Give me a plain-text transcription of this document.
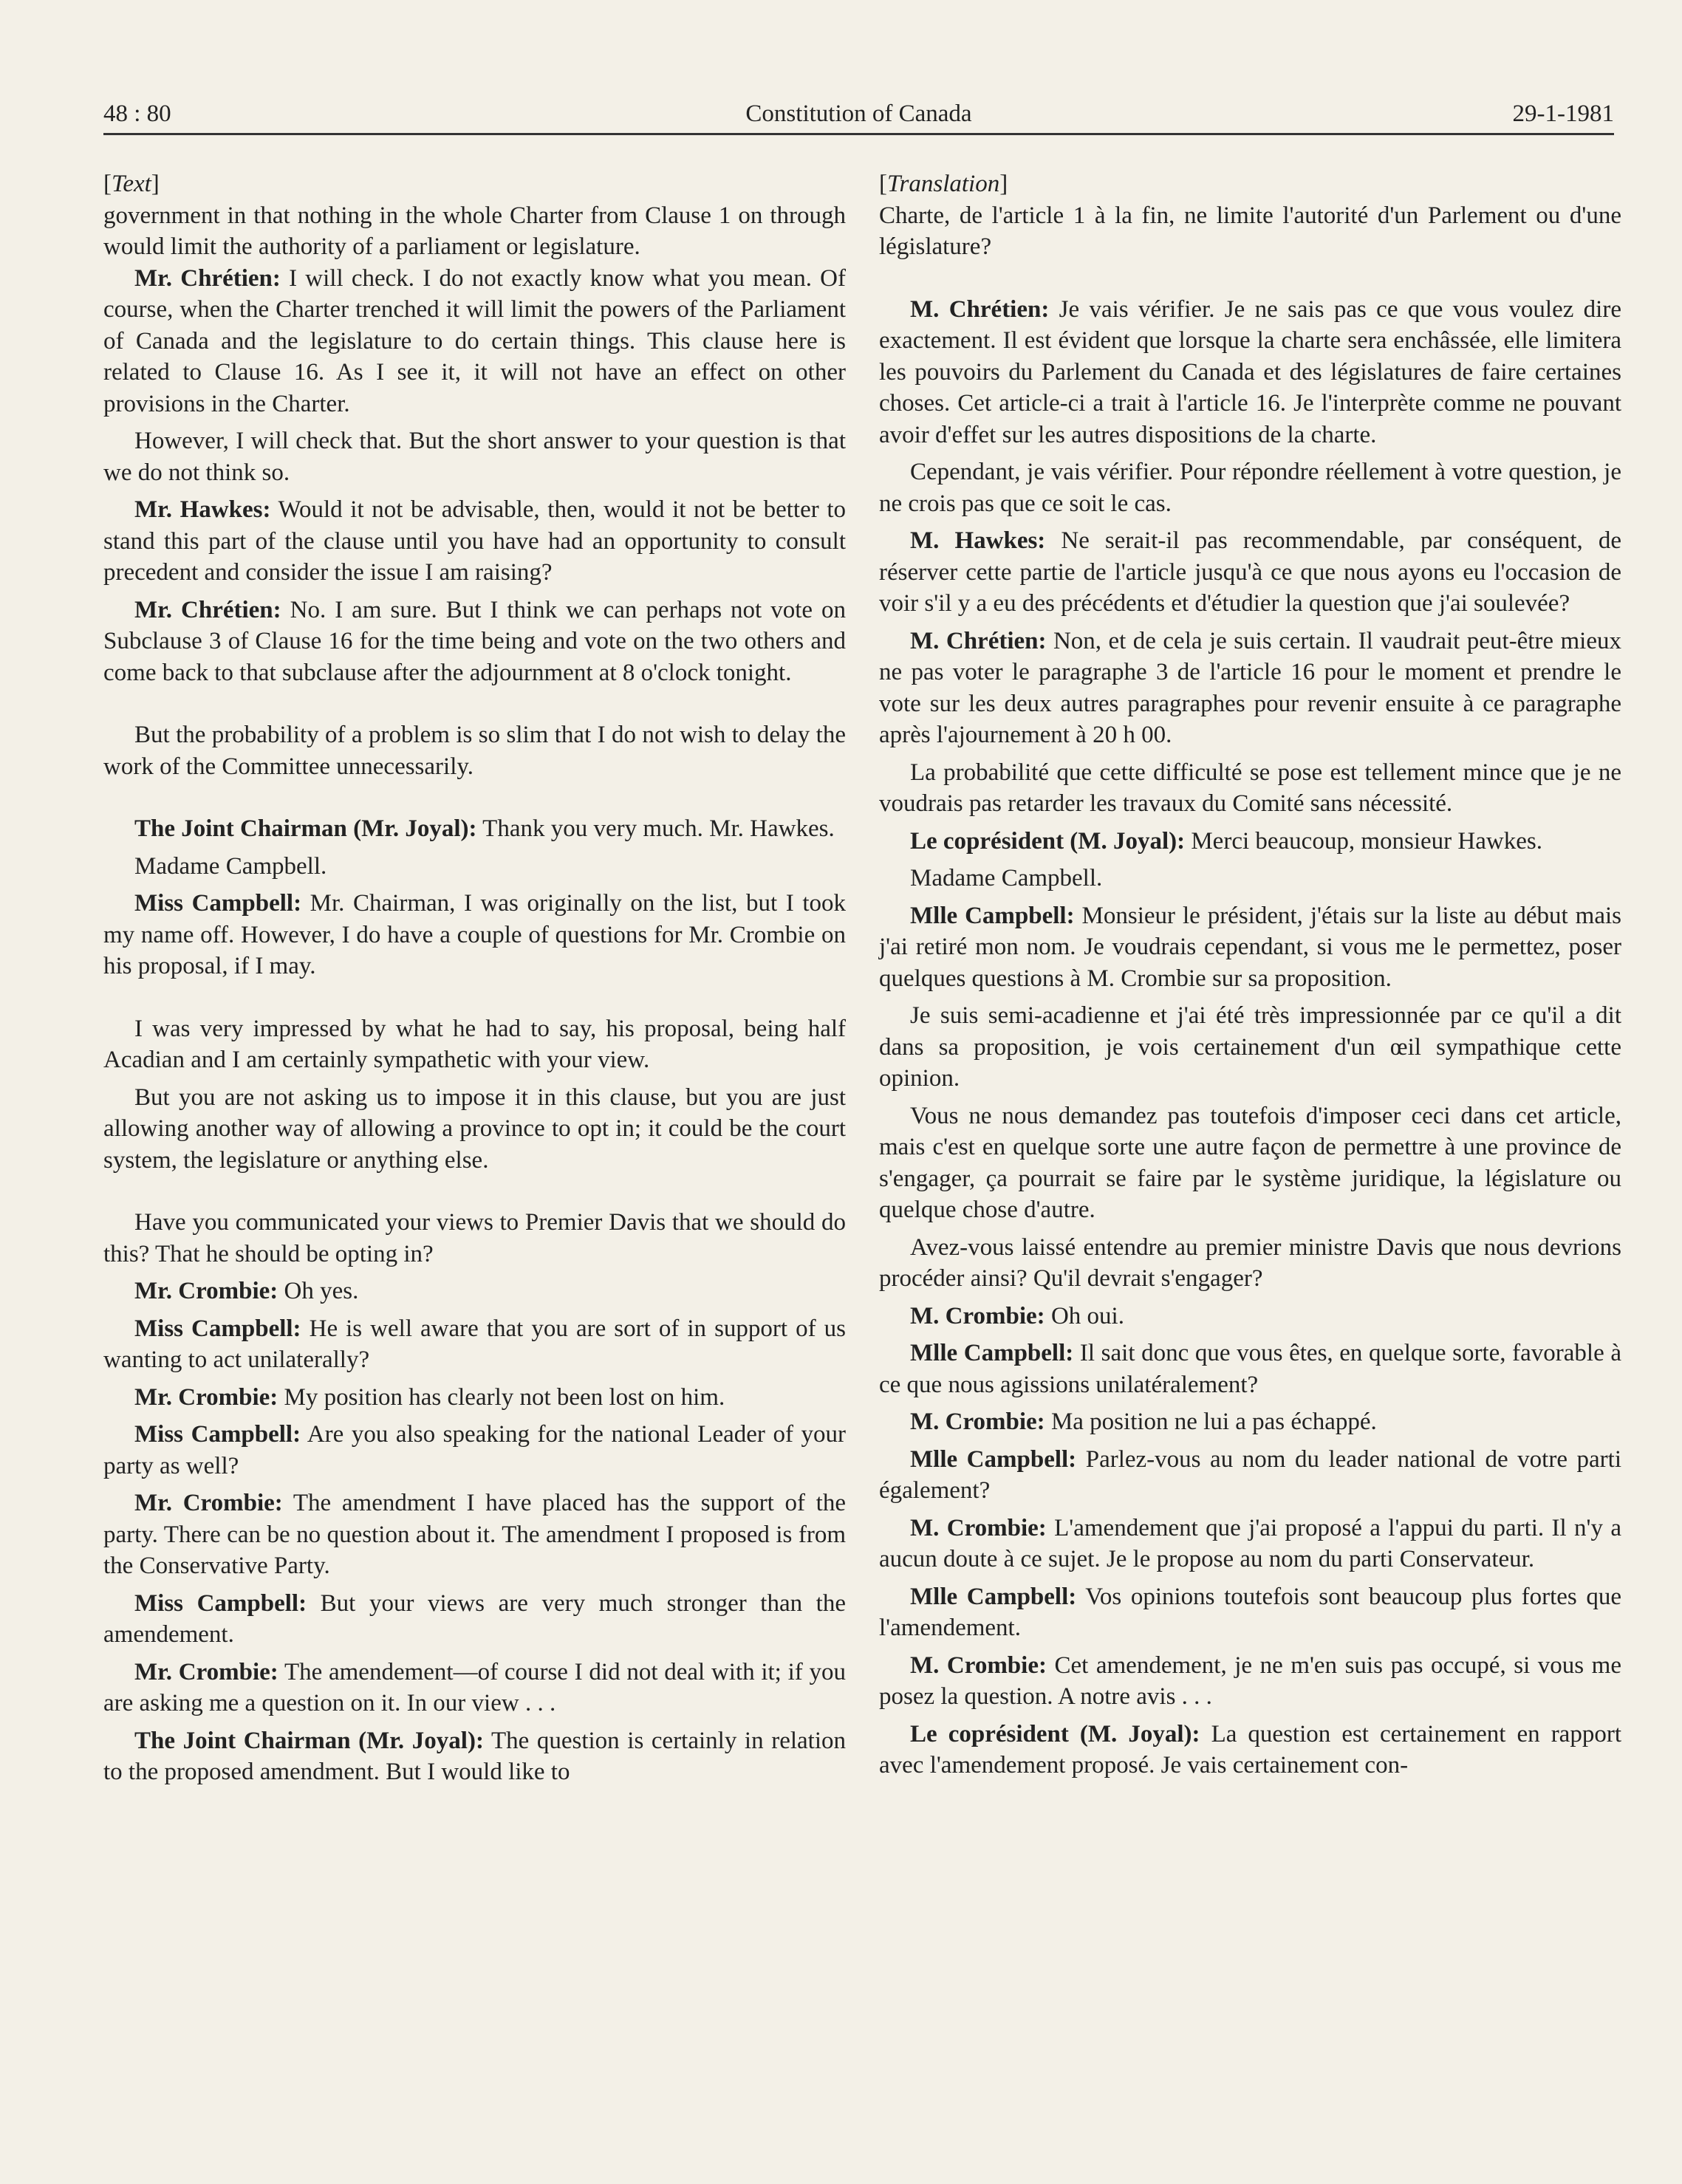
48 : 80	Constitution of Canada	29-1-1981

[Text]

government in that nothing in the whole Charter from Clause 1 on through would limit the authority of a parliament or legislature.

Mr. Chrétien: I will check. I do not exactly know what you mean. Of course, when the Charter trenched it will limit the powers of the Parliament of Canada and the legislature to do certain things. This clause here is related to Clause 16. As I see it, it will not have an effect on other provisions in the Charter.

However, I will check that. But the short answer to your question is that we do not think so.

Mr. Hawkes: Would it not be advisable, then, would it not be better to stand this part of the clause until you have had an opportunity to consult precedent and consider the issue I am raising?

Mr. Chrétien: No. I am sure. But I think we can perhaps not vote on Subclause 3 of Clause 16 for the time being and vote on the two others and come back to that subclause after the adjournment at 8 o'clock tonight.

But the probability of a problem is so slim that I do not wish to delay the work of the Committee unnecessarily.

The Joint Chairman (Mr. Joyal): Thank you very much. Mr. Hawkes.

Madame Campbell.

Miss Campbell: Mr. Chairman, I was originally on the list, but I took my name off. However, I do have a couple of questions for Mr. Crombie on his proposal, if I may.

I was very impressed by what he had to say, his proposal, being half Acadian and I am certainly sympathetic with your view.

But you are not asking us to impose it in this clause, but you are just allowing another way of allowing a province to opt in; it could be the court system, the legislature or anything else.

Have you communicated your views to Premier Davis that we should do this? That he should be opting in?

Mr. Crombie: Oh yes.

Miss Campbell: He is well aware that you are sort of in support of us wanting to act unilaterally?

Mr. Crombie: My position has clearly not been lost on him.

Miss Campbell: Are you also speaking for the national Leader of your party as well?

Mr. Crombie: The amendment I have placed has the support of the party. There can be no question about it. The amendment I proposed is from the Conservative Party.

Miss Campbell: But your views are very much stronger than the amendement.

Mr. Crombie: The amendement—of course I did not deal with it; if you are asking me a question on it. In our view . . .

The Joint Chairman (Mr. Joyal): The question is certainly in relation to the proposed amendment. But I would like to

[Translation]

Charte, de l'article 1 à la fin, ne limite l'autorité d'un Parlement ou d'une législature?

M. Chrétien: Je vais vérifier. Je ne sais pas ce que vous voulez dire exactement. Il est évident que lorsque la charte sera enchâssée, elle limitera les pouvoirs du Parlement du Canada et des législatures de faire certaines choses. Cet article-ci a trait à l'article 16. Je l'interprète comme ne pouvant avoir d'effet sur les autres dispositions de la charte.

Cependant, je vais vérifier. Pour répondre réellement à votre question, je ne crois pas que ce soit le cas.

M. Hawkes: Ne serait-il pas recommendable, par conséquent, de réserver cette partie de l'article jusqu'à ce que nous ayons eu l'occasion de voir s'il y a eu des précédents et d'étudier la question que j'ai soulevée?

M. Chrétien: Non, et de cela je suis certain. Il vaudrait peut-être mieux ne pas voter le paragraphe 3 de l'article 16 pour le moment et prendre le vote sur les deux autres paragraphes pour revenir ensuite à ce paragraphe après l'ajournement à 20 h 00.

La probabilité que cette difficulté se pose est tellement mince que je ne voudrais pas retarder les travaux du Comité sans nécessité.

Le coprésident (M. Joyal): Merci beaucoup, monsieur Hawkes.

Madame Campbell.

Mlle Campbell: Monsieur le président, j'étais sur la liste au début mais j'ai retiré mon nom. Je voudrais cependant, si vous me le permettez, poser quelques questions à M. Crombie sur sa proposition.

Je suis semi-acadienne et j'ai été très impressionnée par ce qu'il a dit dans sa proposition, je vois certainement d'un œil sympathique cette opinion.

Vous ne nous demandez pas toutefois d'imposer ceci dans cet article, mais c'est en quelque sorte une autre façon de permettre à une province de s'engager, ça pourrait se faire par le système juridique, la législature ou quelque chose d'autre.

Avez-vous laissé entendre au premier ministre Davis que nous devrions procéder ainsi? Qu'il devrait s'engager?

M. Crombie: Oh oui.

Mlle Campbell: Il sait donc que vous êtes, en quelque sorte, favorable à ce que nous agissions unilatéralement?

M. Crombie: Ma position ne lui a pas échappé.

Mlle Campbell: Parlez-vous au nom du leader national de votre parti également?

M. Crombie: L'amendement que j'ai proposé a l'appui du parti. Il n'y a aucun doute à ce sujet. Je le propose au nom du parti Conservateur.

Mlle Campbell: Vos opinions toutefois sont beaucoup plus fortes que l'amendement.

M. Crombie: Cet amendement, je ne m'en suis pas occupé, si vous me posez la question. A notre avis . . .

Le coprésident (M. Joyal): La question est certainement en rapport avec l'amendement proposé. Je vais certainement con-
